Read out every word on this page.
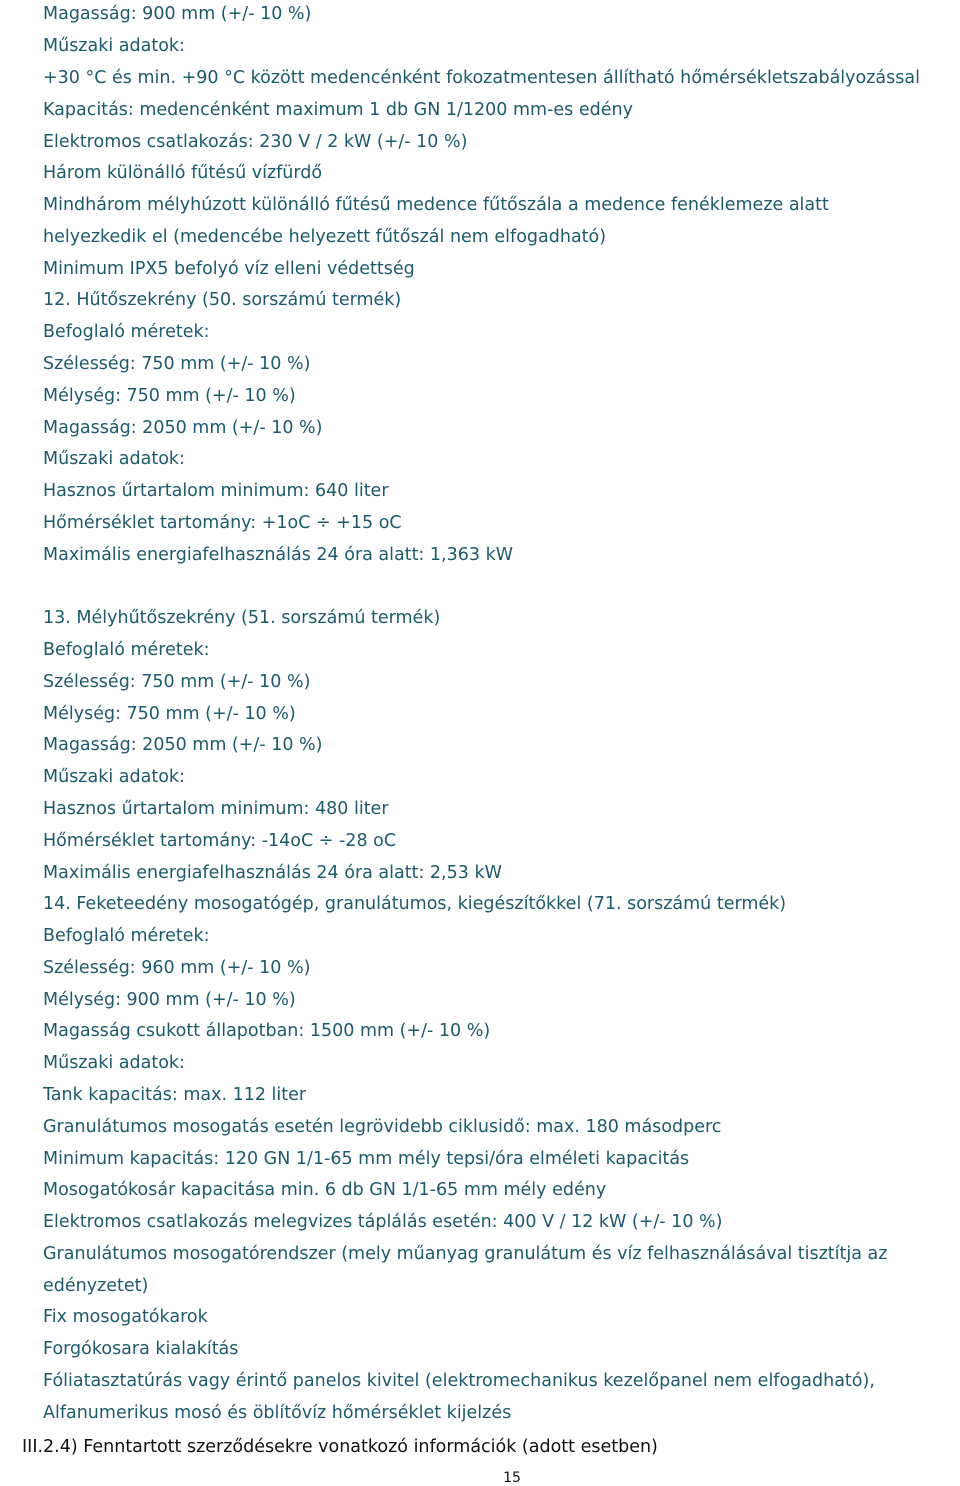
Magasság: 900 mm (+/- 10 %)
Műszaki adatok:
+30 °C és min. +90 °C között medencénként fokozatmentesen állítható hőmérsékletszabályozással
Kapacitás: medencénként maximum 1 db GN 1/1200 mm-es edény
Elektromos csatlakozás: 230 V / 2 kW (+/- 10 %)
Három különálló fűtésű vízfürdő
Mindhárom mélyhúzott különálló fűtésű medence fűtőszála a medence fenéklemeze alatt
helyezkedik el (medencébe helyezett fűtőszál nem elfogadható)
Minimum IPX5 befolyó víz elleni védettség
12. Hűtőszekrény (50. sorszámú termék)
Befoglaló méretek:
Szélesség: 750 mm (+/- 10 %)
Mélység: 750 mm (+/- 10 %)
Magasság: 2050 mm (+/- 10 %)
Műszaki adatok:
Hasznos űrtartalom minimum: 640 liter
Hőmérséklet tartomány: +1oC ÷ +15 oC
Maximális energiafelhasználás 24 óra alatt: 1,363 kW
13. Mélyhűtőszekrény (51. sorszámú termék)
Befoglaló méretek:
Szélesség: 750 mm (+/- 10 %)
Mélység: 750 mm (+/- 10 %)
Magasság: 2050 mm (+/- 10 %)
Műszaki adatok:
Hasznos űrtartalom minimum: 480 liter
Hőmérséklet tartomány: -14oC ÷ -28 oC
Maximális energiafelhasználás 24 óra alatt: 2,53 kW
14. Feketeedény mosogatógép, granulátumos, kiegészítőkkel (71. sorszámú termék)
Befoglaló méretek:
Szélesség: 960 mm (+/- 10 %)
Mélység: 900 mm (+/- 10 %)
Magasság csukott állapotban: 1500 mm (+/- 10 %)
Műszaki adatok:
Tank kapacitás: max. 112 liter
Granulátumos mosogatás esetén legrövidebb ciklusidő: max. 180 másodperc
Minimum kapacitás: 120 GN 1/1-65 mm mély tepsi/óra elméleti kapacitás
Mosogatókosár kapacitása min. 6 db GN 1/1-65 mm mély edény
Elektromos csatlakozás melegvizes táplálás esetén: 400 V / 12 kW (+/- 10 %)
Granulátumos mosogatórendszer (mely műanyag granulátum és víz felhasználásával tisztítja az
edényzetet)
Fix mosogatókarok
Forgókosara kialakítás
Fóliatasztatúrás vagy érintő panelos kivitel (elektromechanikus kezelőpanel nem elfogadható),
Alfanumerikus mosó és öblítővíz hőmérséklet kijelzés
III.2.4) Fenntartott szerződésekre vonatkozó információk (adott esetben)
15
